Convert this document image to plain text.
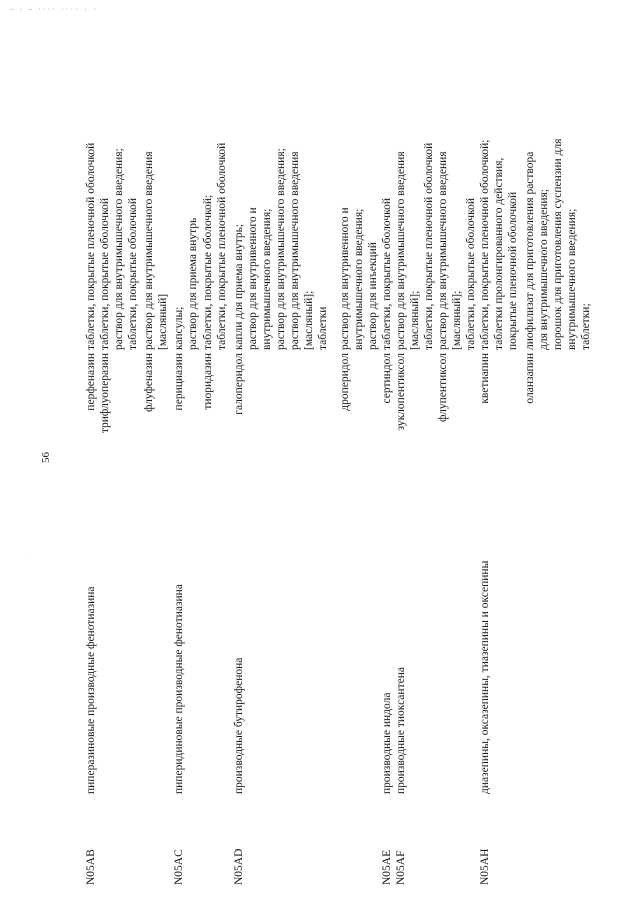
— · — ···· ···· · ·
·
56
N05AB
пиперазиновые производные фенотиазина
перфеназин трифлуоперазин
таблетки, покрытые пленочной оболочкой таблетки, покрытые оболочкой раствор для внутримышечного введения; таблетки, покрытые оболочкой
флуфеназин
раствор для внутримышечного введения [масляный]
N05AC
пиперидиновые производные фенотиазина
перициазин
капсулы; раствор для приема внутрь
тиоридазин
таблетки, покрытые оболочкой; таблетки, покрытые пленочной оболочкой
N05AD
производные бутирофенона
галоперидол
капли для приема внутрь; раствор для внутривенного и внутримышечного введения; раствор для внутримышечного введения; раствор для внутримышечного введения [масляный]; таблетки
дроперидол
раствор для внутривенного и внутримышечного введения; раствор для инъекций
N05AE
производные индола
сертиндол
таблетки, покрытые оболочкой
N05AF
производные тиоксантена
зуклопентиксол
раствор для внутримышечного введения [масляный]; таблетки, покрытые пленочной оболочкой
флупентиксол
раствор для внутримышечного введения [масляный]; таблетки, покрытые оболочкой
N05AH
диазепины, оксазепины, тиазепины и оксепины
кветиапин
таблетки, покрытые пленочной оболочкой; таблетки пролонгированного действия, покрытые пленочной оболочкой
оланзапин
лиофилизат для приготовления раствора для внутримышечного введения; порошок для приготовления суспензии для внутримышечного введения; таблетки;
